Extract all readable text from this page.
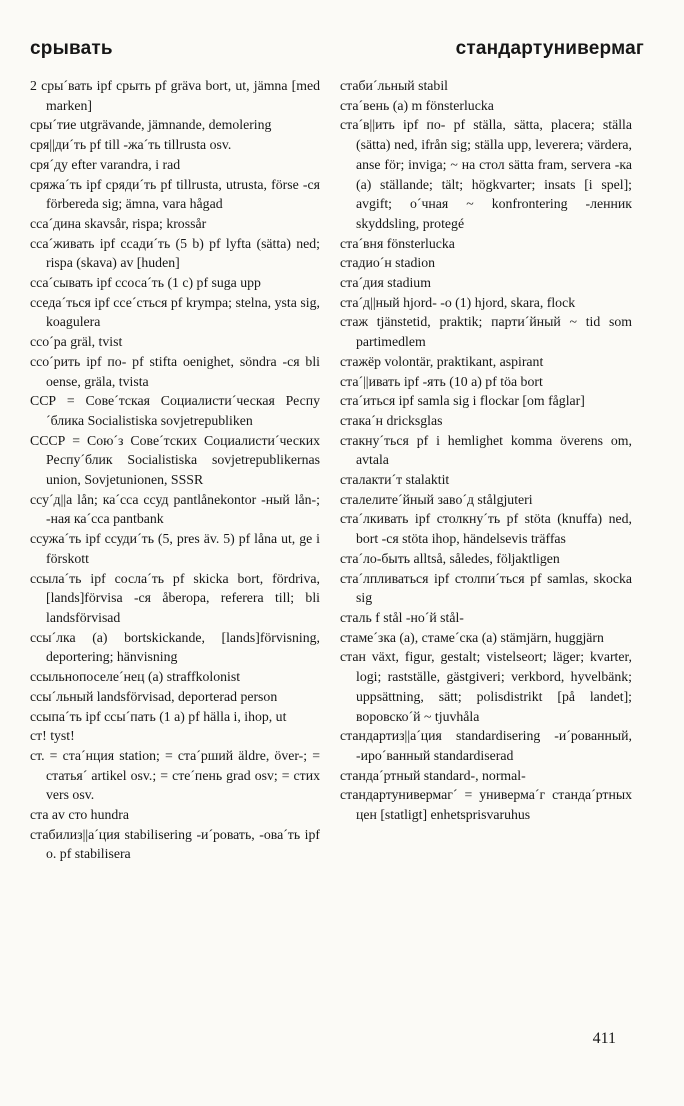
срывать	стандартунивермаг

2 сры´вать ipf срыть pf gräva bort, ut, jämna [med marken]

сры´тие utgrävande, jämnande, demolering

сря||ди´ть pf till -жа´ть tillrusta osv.

сря´ду efter varandra, i rad

сряжа´ть ipf сряди´ть pf tillrusta, utrusta, förse -ся förbereda sig; ämna, vara hågad

сса´дина skavsår, rispa; krossår

сса´живать ipf ссади´ть (5 b) pf lyfta (sätta) ned; rispa (skava) av [huden]

сса´сывать ipf ссоса´ть (1 c) pf suga upp

сседа´ться ipf ссе´сться pf krympa; stelna, ysta sig, koagulera

ссо´ра gräl, tvist

ссо´рить ipf по- pf stifta oenighet, söndra -ся bli oense, gräla, tvista

ССР = Сове´тская Социалисти´ческая Респу´блика Socialistiska sovjetrepubliken

СССР = Сою´з Сове´тских Социалисти´ческих Респу´блик Socialistiska sovjetrepublikernas union, Sovjetunionen, SSSR

ссу´д||а lån; ка´сса ссуд pantlånekontor -ный lån-; -ная ка´сса pantbank

ссужа´ть ipf ссуди´ть (5, pres äv. 5) pf låna ut, ge i förskott

ссыла´ть ipf сосла´ть pf skicka bort, fördriva, [lands]förvisa -ся åberopa, referera till; bli landsförvisad

ссы´лка (a) bortskickande, [lands]förvisning, deportering; hänvisning

ссыльнопоселе´нец (a) straffkolonist

ссы´льный landsförvisad, deporterad person

ссыпа´ть ipf ссы´пать (1 a) pf hälla i, ihop, ut

ст! tyst!

ст. = ста´нция station; = ста´рший äldre, över-; = статья´ artikel osv.; = сте´пень grad osv; = стих vers osv.

ста av сто hundra

стабилиз||а´ция stabilisering -и´ровать, -ова´ть ipf o. pf stabilisera

стаби´льный stabil

ста´вень (a) m fönsterlucka

ста´в||ить ipf по- pf ställa, sätta, placera; ställa (sätta) ned, ifrån sig; ställa upp, leverera; värdera, anse för; inviga; ~ на стол sätta fram, servera -ка (a) ställande; tält; högkvarter; insats [i spel]; avgift; о´чная ~ konfrontering -ленник skyddsling, protegé

ста´вня fönsterlucka

стадио´н stadion

ста´дия stadium

ста´д||ный hjord- -о (1) hjord, skara, flock

стаж tjänstetid, praktik; парти´йный ~ tid som partimedlem

стажёр volontär, praktikant, aspirant

ста´||ивать ipf -ять (10 a) pf töa bort

ста´иться ipf samla sig i flockar [om fåglar]

стака´н dricksglas

стакну´ться pf i hemlighet komma överens om, avtala

сталакти´т stalaktit

сталелите´йный заво´д stålgjuteri

ста´лкивать ipf столкну´ть pf stöta (knuffa) ned, bort -ся stöta ihop, händelsevis träffas

ста´ло-быть alltså, således, följaktligen

ста´лпливаться ipf столпи´ться pf samlas, skocka sig

сталь f stål -но´й stål-

стаме´зка (a), стаме´ска (a) stämjärn, huggjärn

стан växt, figur, gestalt; vistelseort; läger; kvarter, logi; rastställe, gästgiveri; verkbord, hyvelbänk; uppsättning, sätt; polisdistrikt [på landet]; воровско´й ~ tjuvhåla

стандартиз||а´ция standardisering -и´рованный, -иро´ванный standardiserad

станда´ртный standard-, normal-

стандартунивермаг´ = универма´г станда´ртных цен [statligt] enhetsprisvaruhus

411
